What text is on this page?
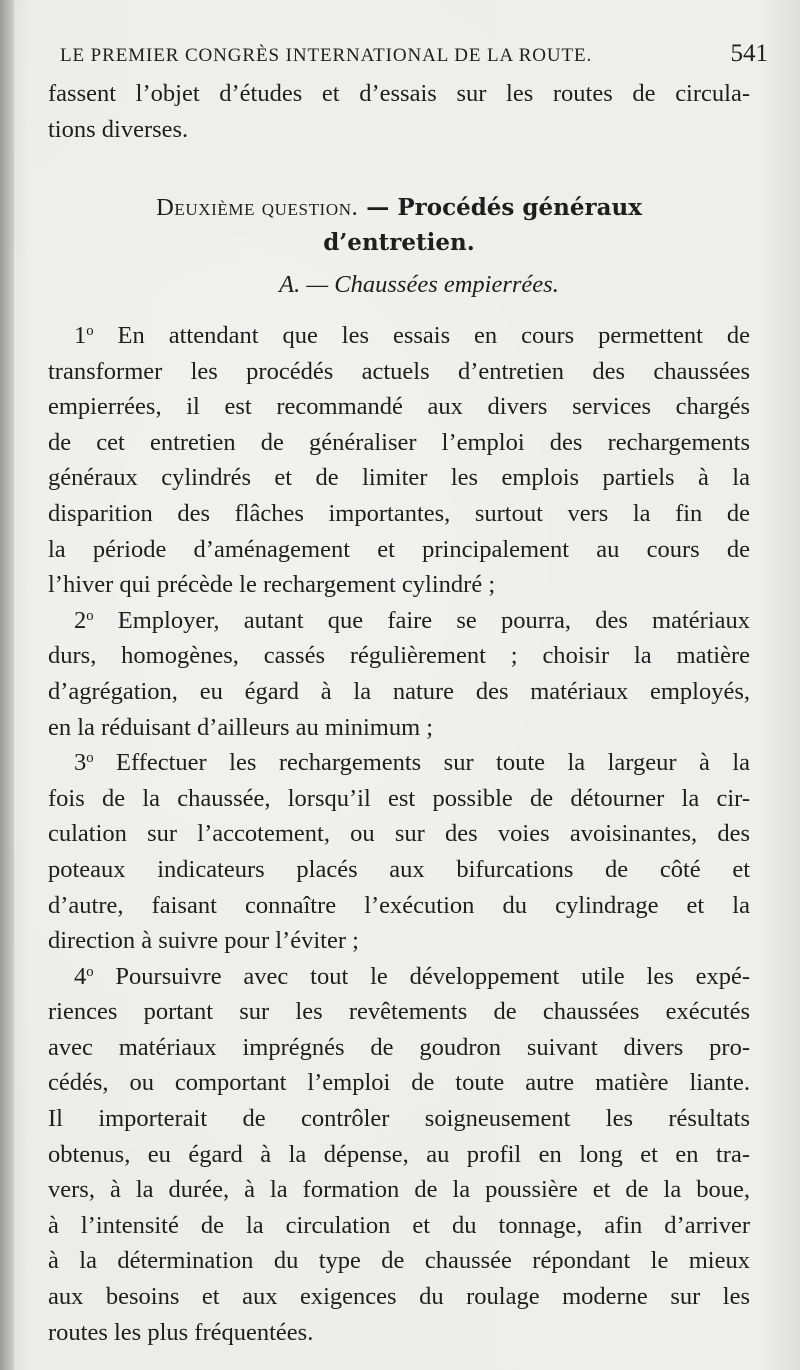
LE PREMIER CONGRÈS INTERNATIONAL DE LA ROUTE.	541
fassent l’objet d’études et d’essais sur les routes de circula-
tions diverses.
Deuxième question. — Procédés généraux
d’entretien.
A. — Chaussées empierrées.
1$^o$ En attendant que les essais en cours permettent de
transformer les procédés actuels d’entretien des chaussées
empierrées, il est recommandé aux divers services chargés
de cet entretien de généraliser l’emploi des rechargements
généraux cylindrés et de limiter les emplois partiels à la
disparition des flâches importantes, surtout vers la fin de
la période d’aménagement et principalement au cours de
l’hiver qui précède le rechargement cylindré ;
2$^o$ Employer, autant que faire se pourra, des matériaux
durs, homogènes, cassés régulièrement ; choisir la matière
d’agrégation, eu égard à la nature des matériaux employés,
en la réduisant d’ailleurs au minimum ;
3$^o$ Effectuer les rechargements sur toute la largeur à la
fois de la chaussée, lorsqu’il est possible de détourner la cir-
culation sur l’accotement, ou sur des voies avoisinantes, des
poteaux indicateurs placés aux bifurcations de côté et
d’autre, faisant connaître l’exécution du cylindrage et la
direction à suivre pour l’éviter ;
4$^o$ Poursuivre avec tout le développement utile les expé-
riences portant sur les revêtements de chaussées exécutés
avec matériaux imprégnés de goudron suivant divers pro-
cédés, ou comportant l’emploi de toute autre matière liante.
Il importerait de contrôler soigneusement les résultats
obtenus, eu égard à la dépense, au profil en long et en tra-
vers, à la durée, à la formation de la poussière et de la boue,
à l’intensité de la circulation et du tonnage, afin d’arriver
à la détermination du type de chaussée répondant le mieux
aux besoins et aux exigences du roulage moderne sur les
routes les plus fréquentées.
